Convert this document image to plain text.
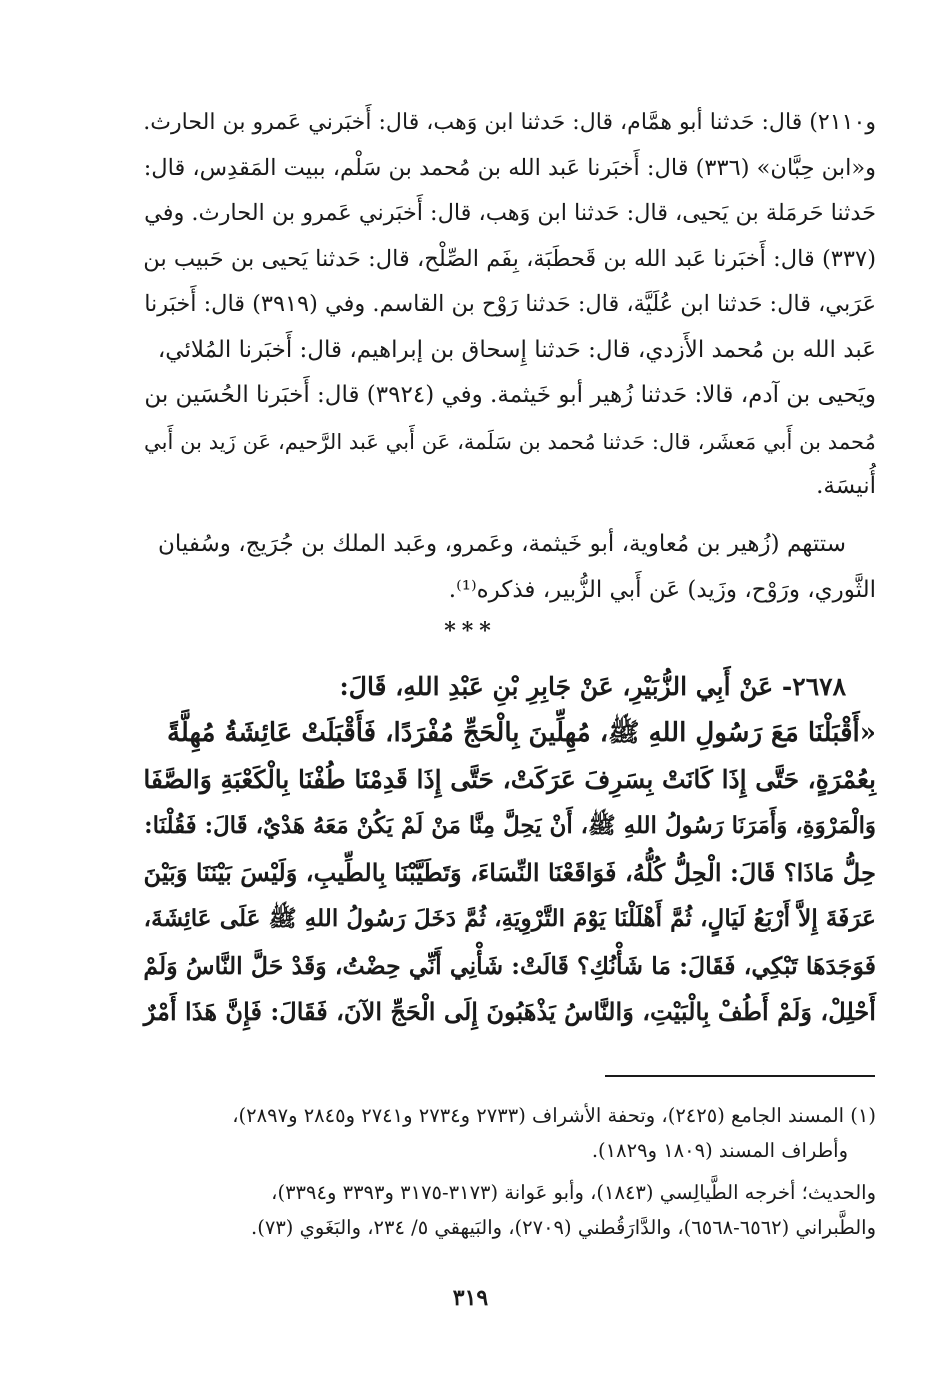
و٢١١٠) قال: حَدثنا أبو همَّام، قال: حَدثنا ابن وَهب، قال: أَخبَرني عَمرو بن الحارث.
و«ابن حِبَّان» (٣٣٦) قال: أَخبَرنا عَبد الله بن مُحمد بن سَلْم، ببيت المَقدِس، قال:
حَدثنا حَرمَلة بن يَحيى، قال: حَدثنا ابن وَهب، قال: أَخبَرني عَمرو بن الحارث. وفي
(٣٣٧) قال: أَخبَرنا عَبد الله بن قَحطَبَة، بِفَم الصِّلْح، قال: حَدثنا يَحيى بن حَبيب بن
عَرَبي، قال: حَدثنا ابن عُلَيَّة، قال: حَدثنا رَوْح بن القاسم. وفي (٣٩١٩) قال: أَخبَرنا
عَبد الله بن مُحمد الأَزدي، قال: حَدثنا إِسحاق بن إبراهيم، قال: أَخبَرنا المُلائي،
ويَحيى بن آدم، قالا: حَدثنا زُهير أبو خَيثمة. وفي (٣٩٢٤) قال: أَخبَرنا الحُسَين بن
مُحمد بن أَبي مَعشَر، قال: حَدثنا مُحمد بن سَلَمة، عَن أَبي عَبد الرَّحيم، عَن زَيد بن أَبي
أُنيسَة.
ستتهم (زُهير بن مُعاوية، أبو خَيثمة، وعَمرو، وعَبد الملك بن جُرَيج، وسُفيان
الثَّوري، ورَوْح، وزَيد) عَن أَبي الزُّبير، فذكره⁽¹⁾.
***
٢٦٧٨- عَنْ أَبِي الزُّبَيْرِ، عَنْ جَابِرِ بْنِ عَبْدِ اللهِ، قَالَ:
«أَقْبَلْنَا مَعَ رَسُولِ اللهِ ﷺ، مُهِلِّينَ بِالْحَجِّ مُفْرَدًا، فَأَقْبَلَتْ عَائِشَةُ مُهِلَّةً
بِعُمْرَةٍ، حَتَّى إِذَا كَانَتْ بِسَرِفَ عَرَكَتْ، حَتَّى إِذَا قَدِمْنَا طُفْنَا بِالْكَعْبَةِ وَالصَّفَا
وَالْمَرْوَةِ، وَأَمَرَنَا رَسُولُ اللهِ ﷺ، أَنْ يَحِلَّ مِنَّا مَنْ لَمْ يَكُنْ مَعَهُ هَدْيٌ، قَالَ: فَقُلْنَا:
حِلُّ مَاذَا؟ قَالَ: الْحِلُّ كُلُّهُ، فَوَاقَعْنَا النِّسَاءَ، وَتَطَيَّبْنَا بِالطِّيبِ، وَلَيْسَ بَيْنَنَا وَبَيْنَ
عَرَفَةَ إِلاَّ أَرْبَعُ لَيَالٍ، ثُمَّ أَهْلَلْنَا يَوْمَ التَّرْوِيَةِ، ثُمَّ دَخَلَ رَسُولُ اللهِ ﷺ عَلَى عَائِشَةَ،
فَوَجَدَهَا تَبْكِي، فَقَالَ: مَا شَأْنُكِ؟ قَالَتْ: شَأْنِي أَنِّي حِضْتُ، وَقَدْ حَلَّ النَّاسُ وَلَمْ
أَحْلِلْ، وَلَمْ أَطُفْ بِالْبَيْتِ، وَالنَّاسُ يَذْهَبُونَ إِلَى الْحَجِّ الآنَ، فَقَالَ: فَإِنَّ هَذَا أَمْرٌ
(١) المسند الجامع (٢٤٢٥)، وتحفة الأشراف (٢٧٣٣ و٢٧٣٤ و٢٧٤١ و٢٨٤٥ و٢٨٩٧)،
وأطراف المسند (١٨٠٩ و١٨٢٩).
والحديث؛ أخرجه الطَّيالِسي (١٨٤٣)، وأبو عَوانة (٣١٧٣-٣١٧٥ و٣٣٩٣ و٣٣٩٤)،
والطَّبراني (٦٥٦٢-٦٥٦٨)، والدَّارَقُطني (٢٧٠٩)، والبَيهقي ٥/ ٢٣٤، والبَغَوي (٧٣).
٣١٩
